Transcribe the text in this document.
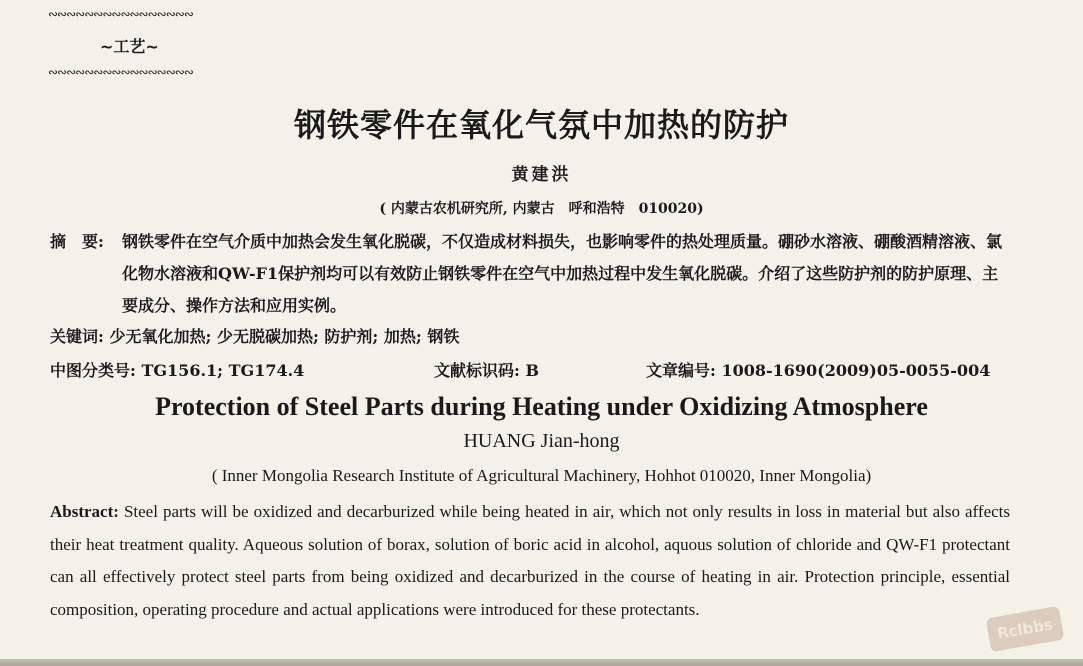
∾∾∾∾∾∾∾∾∾∾∾∾∾∾∾∾
~工艺~
∾∾∾∾∾∾∾∾∾∾∾∾∾∾∾∾
钢铁零件在氧化气氛中加热的防护
黄建洪
( 内蒙古农机研究所, 内蒙古　呼和浩特　010020)
摘　要:	钢铁零件在空气介质中加热会发生氧化脱碳，不仅造成材料损失，也影响零件的热处理质量。硼砂水溶液、硼酸酒精溶液、氯化物水溶液和QW-F1保护剂均可以有效防止钢铁零件在空气中加热过程中发生氧化脱碳。介绍了这些防护剂的防护原理、主要成分、操作方法和应用实例。
关键词: 少无氧化加热; 少无脱碳加热; 防护剂; 加热; 钢铁
中图分类号: TG156.1; TG174.4	文献标识码: B	文章编号: 1008-1690(2009)05-0055-004
Protection of Steel Parts during Heating under Oxidizing Atmosphere
HUANG Jian-hong
( Inner Mongolia Research Institute of Agricultural Machinery, Hohhot 010020, Inner Mongolia)
Abstract: Steel parts will be oxidized and decarburized while being heated in air, which not only results in loss in material but also affects their heat treatment quality. Aqueous solution of borax, solution of boric acid in alcohol, aquous solution of chloride and QW-F1 protectant can all effectively protect steel parts from being oxidized and decarburized in the course of heating in air. Protection principle, essential composition, operating procedure and actual applications were introduced for these protectants.
Rclbbs
